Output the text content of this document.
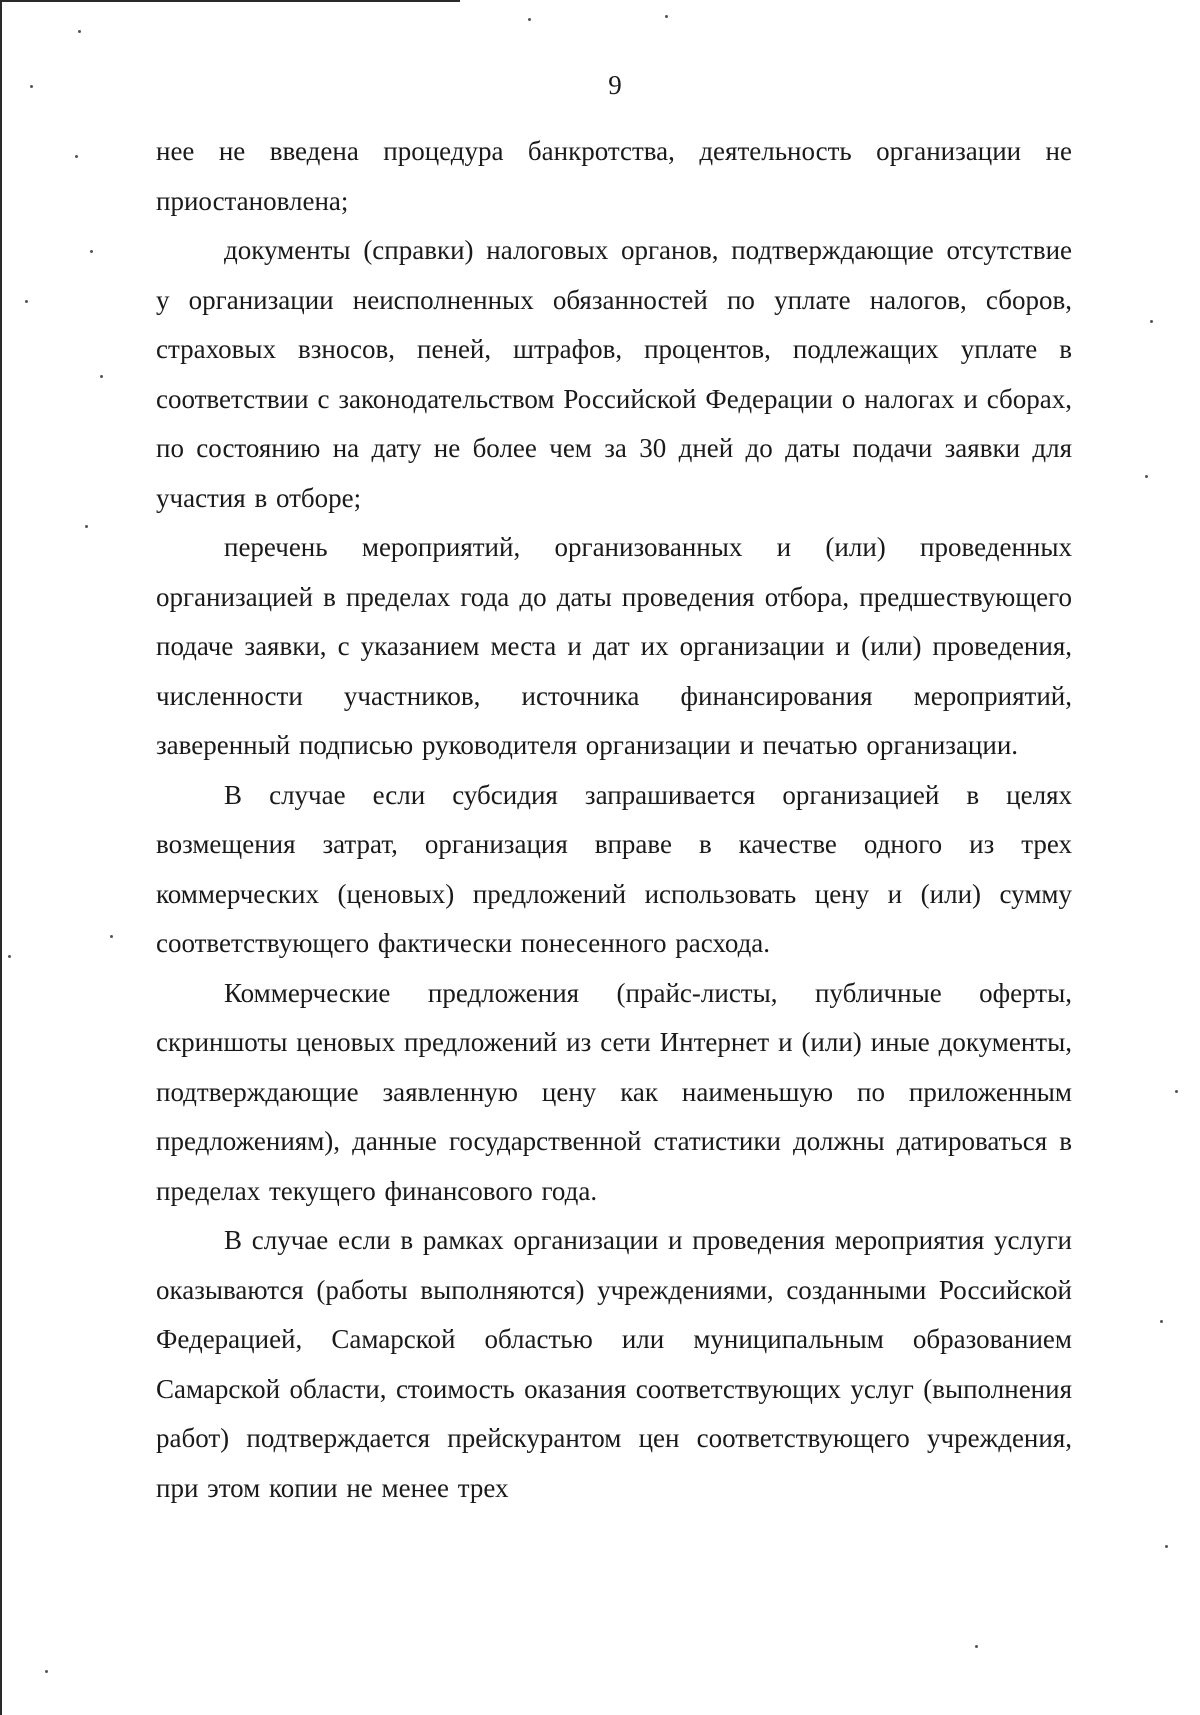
9

нее не введена процедура банкротства, деятельность организации не приостановлена;

документы (справки) налоговых органов, подтверждающие отсутствие у организации неисполненных обязанностей по уплате налогов, сборов, страховых взносов, пеней, штрафов, процентов, подлежащих уплате в соответствии с законодательством Российской Федерации о налогах и сборах, по состоянию на дату не более чем за 30 дней до даты подачи заявки для участия в отборе;

перечень мероприятий, организованных и (или) проведенных организацией в пределах года до даты проведения отбора, предшествующего подаче заявки, с указанием места и дат их организации и (или) проведения, численности участников, источника финансирования мероприятий, заверенный подписью руководителя организации и печатью организации.

В случае если субсидия запрашивается организацией в целях возмещения затрат, организация вправе в качестве одного из трех коммерческих (ценовых) предложений использовать цену и (или) сумму соответствующего фактически понесенного расхода.

Коммерческие предложения (прайс-листы, публичные оферты, скриншоты ценовых предложений из сети Интернет и (или) иные документы, подтверждающие заявленную цену как наименьшую по приложенным предложениям), данные государственной статистики должны датироваться в пределах текущего финансового года.

В случае если в рамках организации и проведения мероприятия услуги оказываются (работы выполняются) учреждениями, созданными Российской Федерацией, Самарской областью или муниципальным образованием Самарской области, стоимость оказания соответствующих услуг (выполнения работ) подтверждается прейскурантом цен соответствующего учреждения, при этом копии не менее трех
